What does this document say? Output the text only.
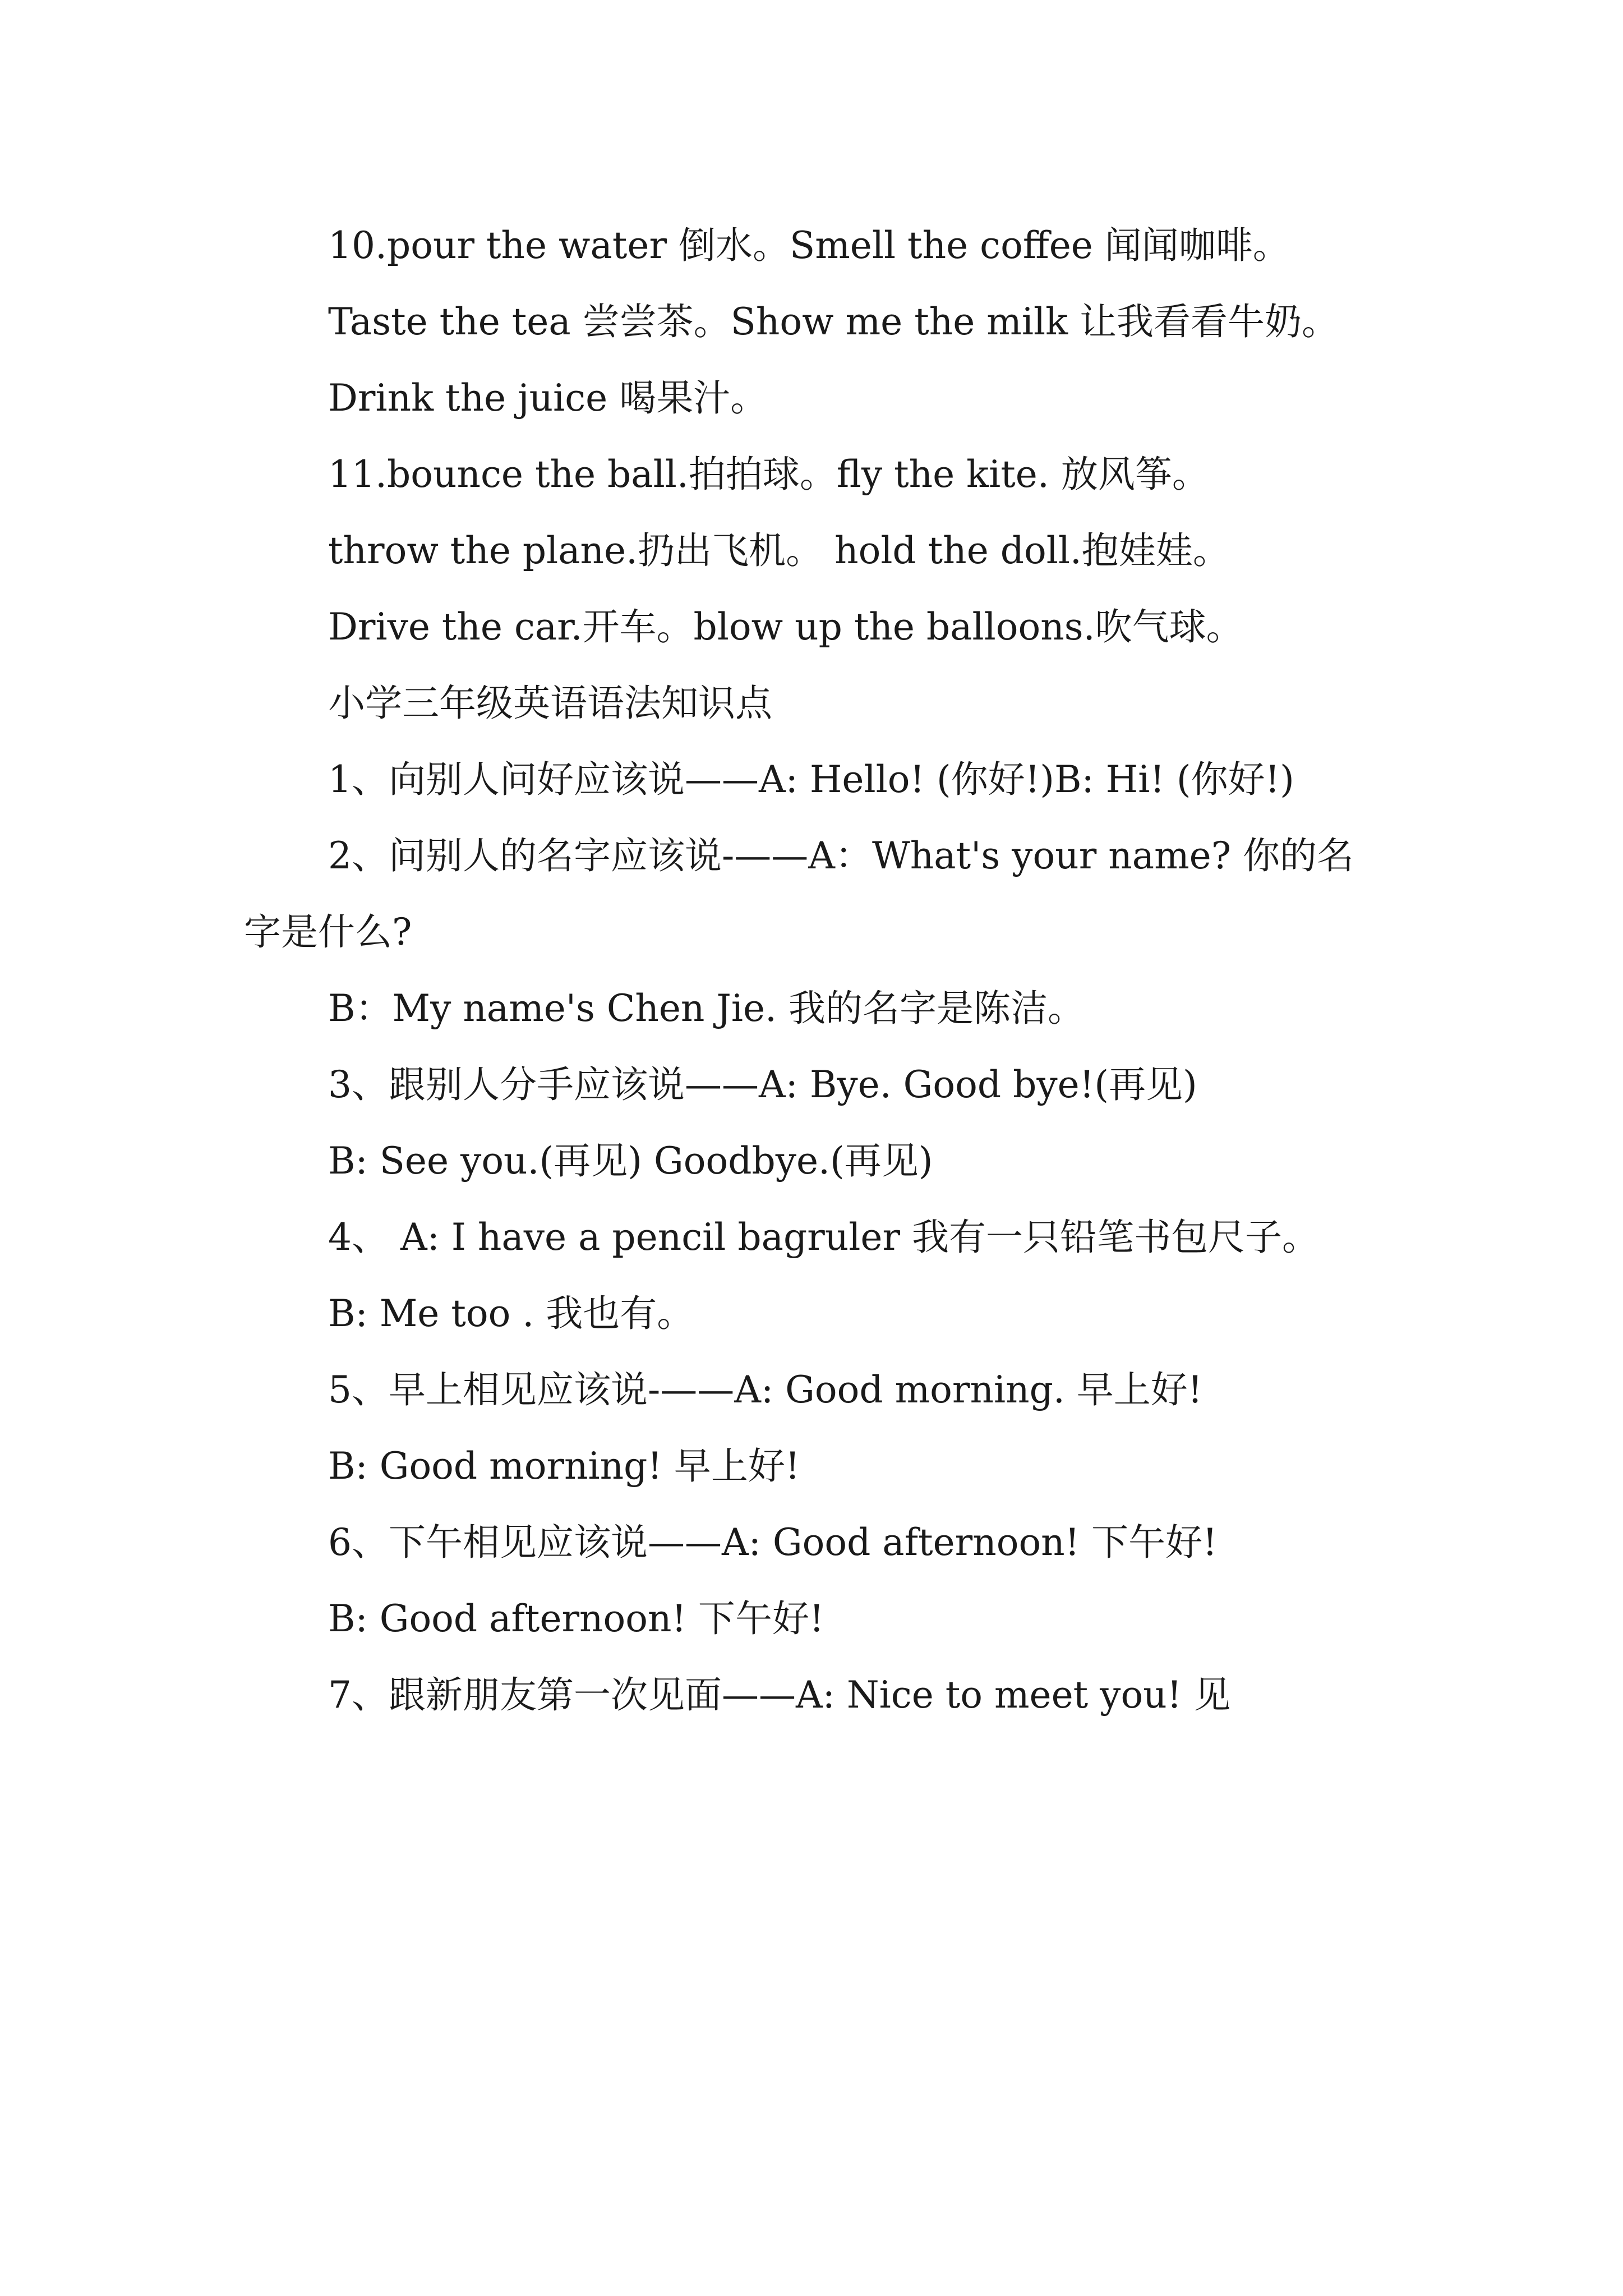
10.pour the water 倒水。Smell the coffee 闻闻咖啡。

Taste the tea 尝尝茶。Show me the milk 让我看看牛奶。

Drink the juice 喝果汁。

11.bounce the ball.拍拍球。fly the kite. 放风筝。

throw the plane.扔出飞机。 hold the doll.抱娃娃。

Drive the car.开车。blow up the balloons.吹气球。

小学三年级英语语法知识点

1、向别人问好应该说——A: Hello! (你好!)B: Hi! (你好!)

2、问别人的名字应该说-——A：What's your name? 你的名字是什么?

B：My name's Chen Jie. 我的名字是陈洁。

3、跟别人分手应该说——A: Bye. Good bye!(再见)

B: See you.(再见) Goodbye.(再见)

4、 A: I have a pencil bagruler 我有一只铅笔书包尺子。

B: Me too . 我也有。

5、早上相见应该说-——A: Good morning. 早上好!

B: Good morning! 早上好!

6、下午相见应该说——A: Good afternoon! 下午好!

B: Good afternoon! 下午好!

7、跟新朋友第一次见面——A: Nice to meet you! 见
